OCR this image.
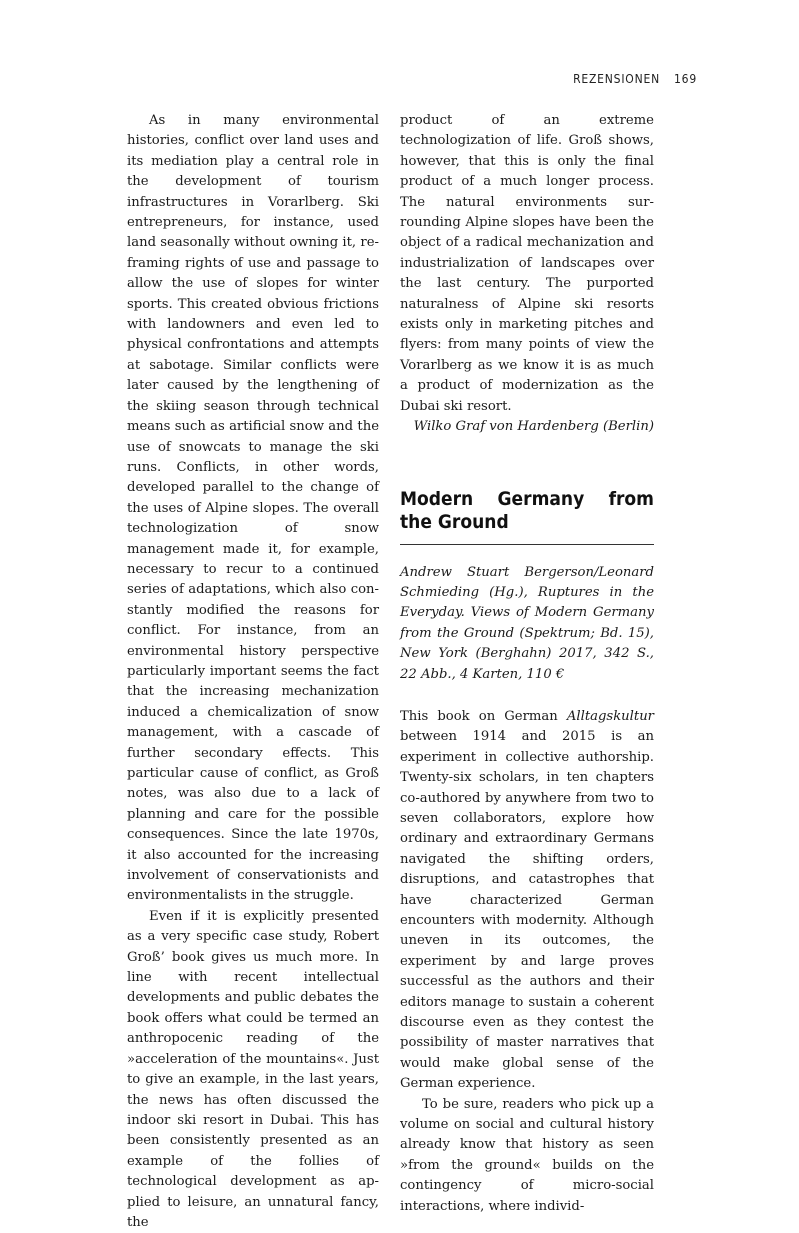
REZENSIONEN 169

As in many environmental histories, conflict over land uses and its mediation play a central role in the development of tourism infrastructures in Vorarlberg. Ski entrepreneurs, for instance, used land seasonally without owning it, reframing rights of use and passage to allow the use of slopes for winter sports. This created obvious frictions with landowners and even led to physical confrontations and attempts at sabotage. Similar conflicts were later caused by the lengthening of the skiing season through technical means such as artificial snow and the use of snowcats to manage the ski runs. Conflicts, in other words, developed parallel to the change of the uses of Alpine slopes. The overall technologization of snow management made it, for example, necessary to recur to a continued series of adaptations, which also constantly modified the reasons for conflict. For instance, from an environmental history perspective particularly important seems the fact that the increasing mechanization induced a chemicalization of snow management, with a cascade of further secondary effects. This particular cause of conflict, as Groß notes, was also due to a lack of planning and care for the possible consequences. Since the late 1970s, it also accounted for the increasing involvement of conservationists and environmentalists in the struggle.

Even if it is explicitly presented as a very specific case study, Robert Groß’ book gives us much more. In line with recent intellectual developments and public debates the book offers what could be termed an anthropocenic reading of the »acceleration of the mountains«. Just to give an example, in the last years, the news has often discussed the indoor ski resort in Dubai. This has been consistently presented as an example of the follies of technological development as applied to leisure, an unnatural fancy, the

product of an extreme technologization of life. Groß shows, however, that this is only the final product of a much longer process. The natural environments surrounding Alpine slopes have been the object of a radical mechanization and industrialization of landscapes over the last century. The purported naturalness of Alpine ski resorts exists only in marketing pitches and flyers: from many points of view the Vorarlberg as we know it is as much a product of modernization as the Dubai ski resort.

Wilko Graf von Hardenberg (Berlin)

Modern Germany from the Ground

Andrew Stuart Bergerson/Leonard Schmieding (Hg.), Ruptures in the Everyday. Views of Modern Germany from the Ground (Spektrum; Bd. 15), New York (Berghahn) 2017, 342 S., 22 Abb., 4 Karten, 110 €

This book on German Alltagskultur between 1914 and 2015 is an experiment in collective authorship. Twenty-six scholars, in ten chapters co-authored by anywhere from two to seven collaborators, explore how ordinary and extraordinary Germans navigated the shifting orders, disruptions, and catastrophes that have characterized German encounters with modernity. Although uneven in its outcomes, the experiment by and large proves successful as the authors and their editors manage to sustain a coherent discourse even as they contest the possibility of master narratives that would make global sense of the German experience.

To be sure, readers who pick up a volume on social and cultural history already know that history as seen »from the ground« builds on the contingency of micro-social interactions, where individ-
